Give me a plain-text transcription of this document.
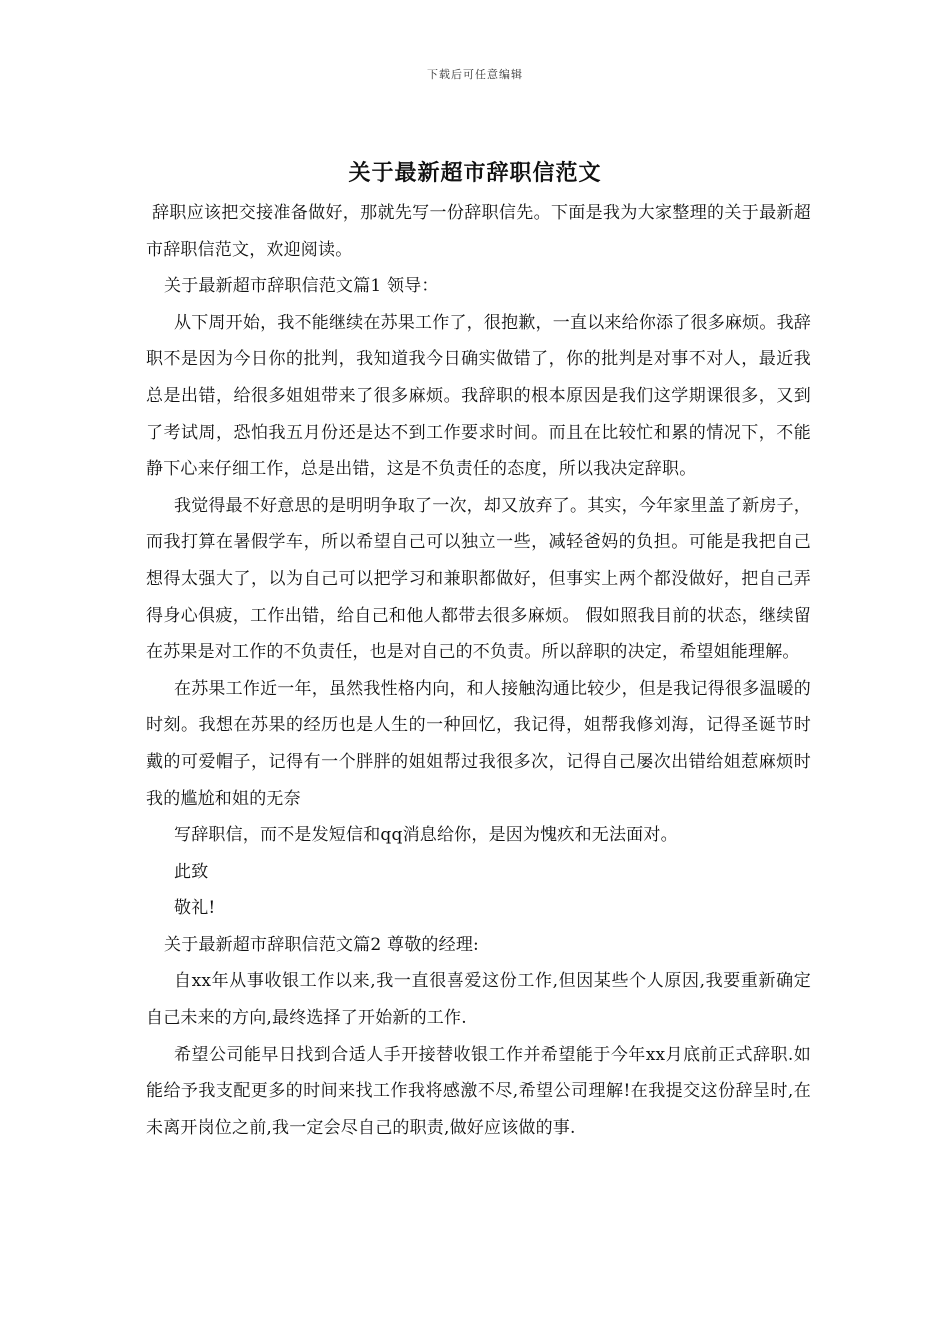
下载后可任意编辑
关于最新超市辞职信范文

辞职应该把交接准备做好，那就先写一份辞职信先。下面是我为大家整理的关于最新超市辞职信范文，欢迎阅读。

关于最新超市辞职信范文篇1 领导：

从下周开始，我不能继续在苏果工作了，很抱歉，一直以来给你添了很多麻烦。我辞职不是因为今日你的批判，我知道我今日确实做错了，你的批判是对事不对人，最近我总是出错，给很多姐姐带来了很多麻烦。我辞职的根本原因是我们这学期课很多，又到了考试周，恐怕我五月份还是达不到工作要求时间。而且在比较忙和累的情况下，不能静下心来仔细工作，总是出错，这是不负责任的态度，所以我决定辞职。

我觉得最不好意思的是明明争取了一次，却又放弃了。其实，今年家里盖了新房子，而我打算在暑假学车，所以希望自己可以独立一些，减轻爸妈的负担。可能是我把自己想得太强大了，以为自己可以把学习和兼职都做好，但事实上两个都没做好，把自己弄得身心俱疲，工作出错，给自己和他人都带去很多麻烦。 假如照我目前的状态，继续留在苏果是对工作的不负责任，也是对自己的不负责。所以辞职的决定，希望姐能理解。

在苏果工作近一年，虽然我性格内向，和人接触沟通比较少，但是我记得很多温暖的时刻。我想在苏果的经历也是人生的一种回忆，我记得，姐帮我修刘海，记得圣诞节时戴的可爱帽子，记得有一个胖胖的姐姐帮过我很多次，记得自己屡次出错给姐惹麻烦时我的尴尬和姐的无奈

写辞职信，而不是发短信和qq消息给你，是因为愧疚和无法面对。

此致

敬礼!

关于最新超市辞职信范文篇2 尊敬的经理:

自xx年从事收银工作以来,我一直很喜爱这份工作,但因某些个人原因,我要重新确定自己未来的方向,最终选择了开始新的工作.

希望公司能早日找到合适人手开接替收银工作并希望能于今年xx月底前正式辞职.如能给予我支配更多的时间来找工作我将感激不尽,希望公司理解!在我提交这份辞呈时,在未离开岗位之前,我一定会尽自己的职责,做好应该做的事.
